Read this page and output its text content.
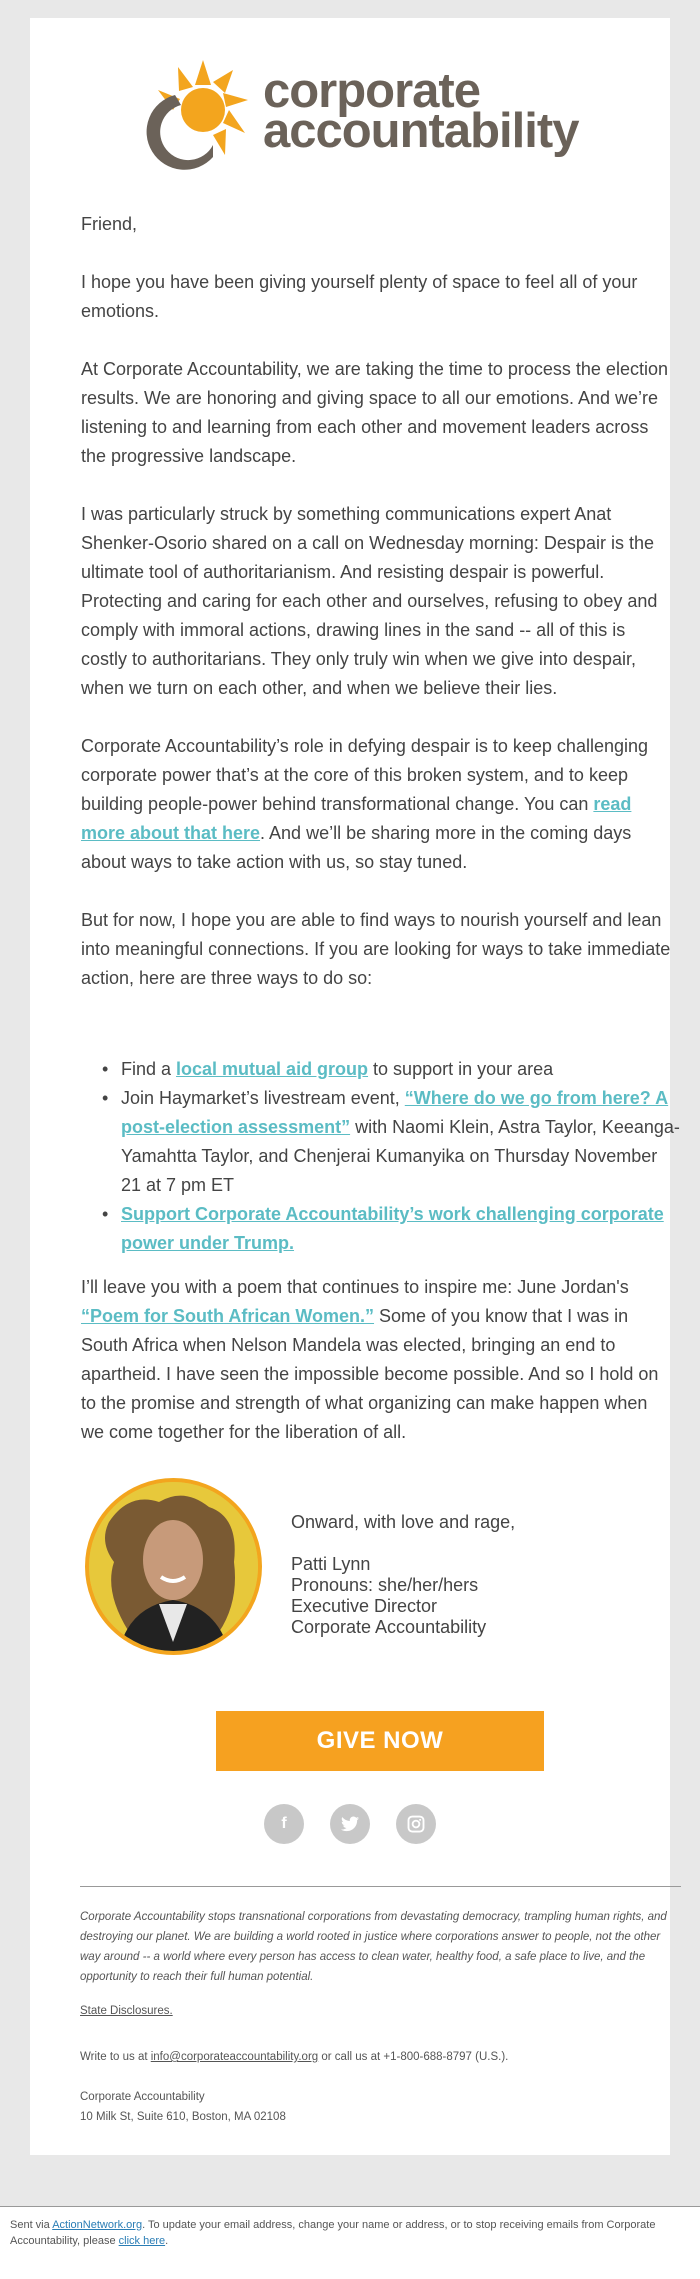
corporate
accountability
Friend,
I hope you have been giving yourself plenty of space to feel all of your emotions.
At Corporate Accountability, we are taking the time to process the election results. We are honoring and giving space to all our emotions. And we’re listening to and learning from each other and movement leaders across the progressive landscape.
I was particularly struck by something communications expert Anat Shenker-Osorio shared on a call on Wednesday morning: Despair is the ultimate tool of authoritarianism. And resisting despair is powerful. Protecting and caring for each other and ourselves, refusing to obey and comply with immoral actions, drawing lines in the sand -- all of this is costly to authoritarians. They only truly win when we give into despair, when we turn on each other, and when we believe their lies.
Corporate Accountability’s role in defying despair is to keep challenging corporate power that’s at the core of this broken system, and to keep building people-power behind transformational change. You can read more about that here. And we’ll be sharing more in the coming days about ways to take action with us, so stay tuned.
But for now, I hope you are able to find ways to nourish yourself and lean into meaningful connections. If you are looking for ways to take immediate action, here are three ways to do so:
• Find a local mutual aid group to support in your area
• Join Haymarket’s livestream event, “Where do we go from here? A post-election assessment” with Naomi Klein, Astra Taylor, Keeanga-Yamahtta Taylor, and Chenjerai Kumanyika on Thursday November 21 at 7 pm ET
• Support Corporate Accountability’s work challenging corporate power under Trump.
I’ll leave you with a poem that continues to inspire me: June Jordan's “Poem for South African Women.” Some of you know that I was in South Africa when Nelson Mandela was elected, bringing an end to apartheid. I have seen the impossible become possible. And so I hold on to the promise and strength of what organizing can make happen when we come together for the liberation of all.
Onward, with love and rage,
Patti Lynn
Pronouns: she/her/hers
Executive Director
Corporate Accountability
GIVE NOW
f
Corporate Accountability stops transnational corporations from devastating democracy, trampling human rights, and destroying our planet. We are building a world rooted in justice where corporations answer to people, not the other way around -- a world where every person has access to clean water, healthy food, a safe place to live, and the opportunity to reach their full human potential.
State Disclosures.
Write to us at info@corporateaccountability.org or call us at +1-800-688-8797 (U.S.).
Corporate Accountability
10 Milk St, Suite 610, Boston, MA 02108
Sent via ActionNetwork.org. To update your email address, change your name or address, or to stop receiving emails from Corporate Accountability, please click here.
